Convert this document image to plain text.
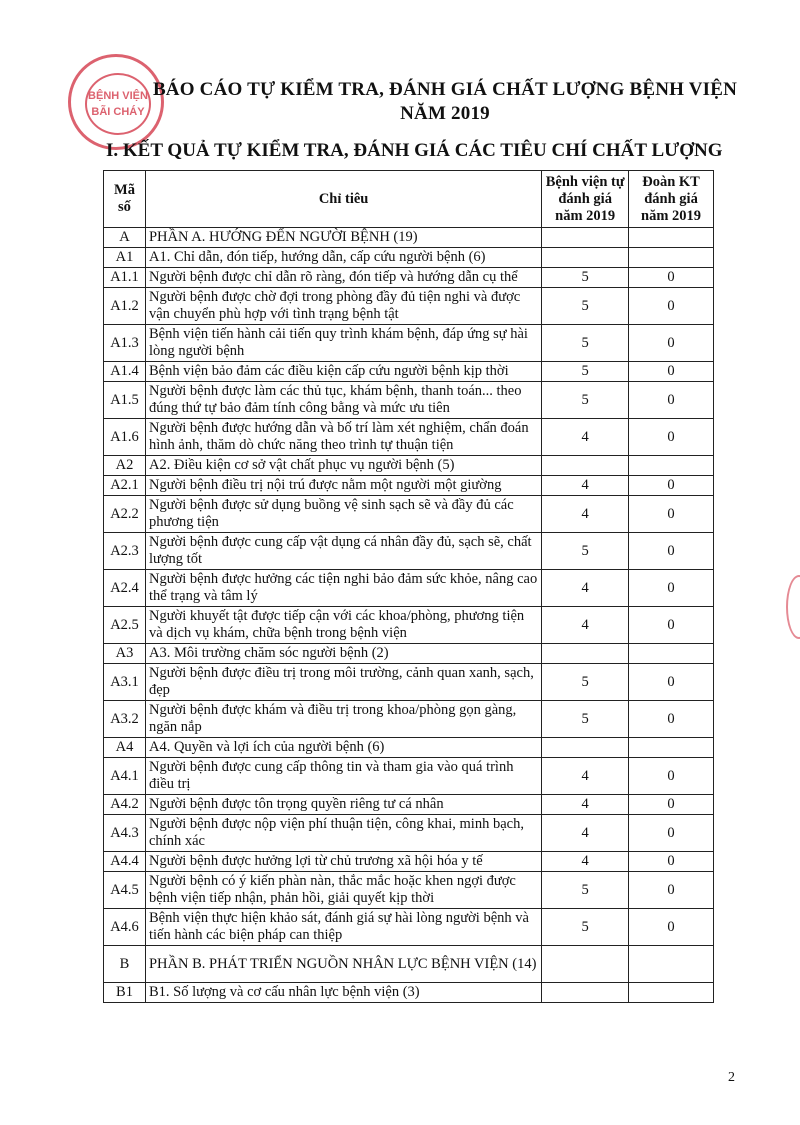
BỆNH VIỆN
BÃI CHÁY
BÁO CÁO TỰ KIỂM TRA, ĐÁNH GIÁ CHẤT LƯỢNG BỆNH VIỆN
NĂM 2019
I. KẾT QUẢ TỰ KIỂM TRA, ĐÁNH GIÁ CÁC TIÊU CHÍ CHẤT LƯỢNG
Mã số	Chỉ tiêu	Bệnh viện tự đánh giá năm 2019	Đoàn KT đánh giá năm 2019
A	PHẦN A. HƯỚNG ĐẾN NGƯỜI BỆNH (19)		
A1	A1. Chỉ dẫn, đón tiếp, hướng dẫn, cấp cứu người bệnh (6)		
A1.1	Người bệnh được chỉ dẫn rõ ràng, đón tiếp và hướng dẫn cụ thể	5	0
A1.2	Người bệnh được chờ đợi trong phòng đầy đủ tiện nghi và được vận chuyển phù hợp với tình trạng bệnh tật	5	0
A1.3	Bệnh viện tiến hành cải tiến quy trình khám bệnh, đáp ứng sự hài lòng người bệnh	5	0
A1.4	Bệnh viện bảo đảm các điều kiện cấp cứu người bệnh kịp thời	5	0
A1.5	Người bệnh được làm các thủ tục, khám bệnh, thanh toán... theo đúng thứ tự bảo đảm tính công bằng và mức ưu tiên	5	0
A1.6	Người bệnh được hướng dẫn và bố trí làm xét nghiệm, chẩn đoán hình ảnh, thăm dò chức năng theo trình tự thuận tiện	4	0
A2	A2. Điều kiện cơ sở vật chất phục vụ người bệnh (5)		
A2.1	Người bệnh điều trị nội trú được nằm một người một giường	4	0
A2.2	Người bệnh được sử dụng buồng vệ sinh sạch sẽ và đầy đủ các phương tiện	4	0
A2.3	Người bệnh được cung cấp vật dụng cá nhân đầy đủ, sạch sẽ, chất lượng tốt	5	0
A2.4	Người bệnh được hưởng các tiện nghi bảo đảm sức khỏe, nâng cao thể trạng và tâm lý	4	0
A2.5	Người khuyết tật được tiếp cận với các khoa/phòng, phương tiện và dịch vụ khám, chữa bệnh trong bệnh viện	4	0
A3	A3. Môi trường chăm sóc người bệnh (2)		
A3.1	Người bệnh được điều trị trong môi trường, cảnh quan xanh, sạch, đẹp	5	0
A3.2	Người bệnh được khám và điều trị trong khoa/phòng gọn gàng, ngăn nắp	5	0
A4	A4. Quyền và lợi ích của người bệnh (6)		
A4.1	Người bệnh được cung cấp thông tin và tham gia vào quá trình điều trị	4	0
A4.2	Người bệnh được tôn trọng quyền riêng tư cá nhân	4	0
A4.3	Người bệnh được nộp viện phí thuận tiện, công khai, minh bạch, chính xác	4	0
A4.4	Người bệnh được hưởng lợi từ chủ trương xã hội hóa y tế	4	0
A4.5	Người bệnh có ý kiến phàn nàn, thắc mắc hoặc khen ngợi được bệnh viện tiếp nhận, phản hồi, giải quyết kịp thời	5	0
A4.6	Bệnh viện thực hiện khảo sát, đánh giá sự hài lòng người bệnh và tiến hành các biện pháp can thiệp	5	0
B	PHẦN B. PHÁT TRIỂN NGUỒN NHÂN LỰC BỆNH VIỆN (14)		
B1	B1. Số lượng và cơ cấu nhân lực bệnh viện (3)		
2
